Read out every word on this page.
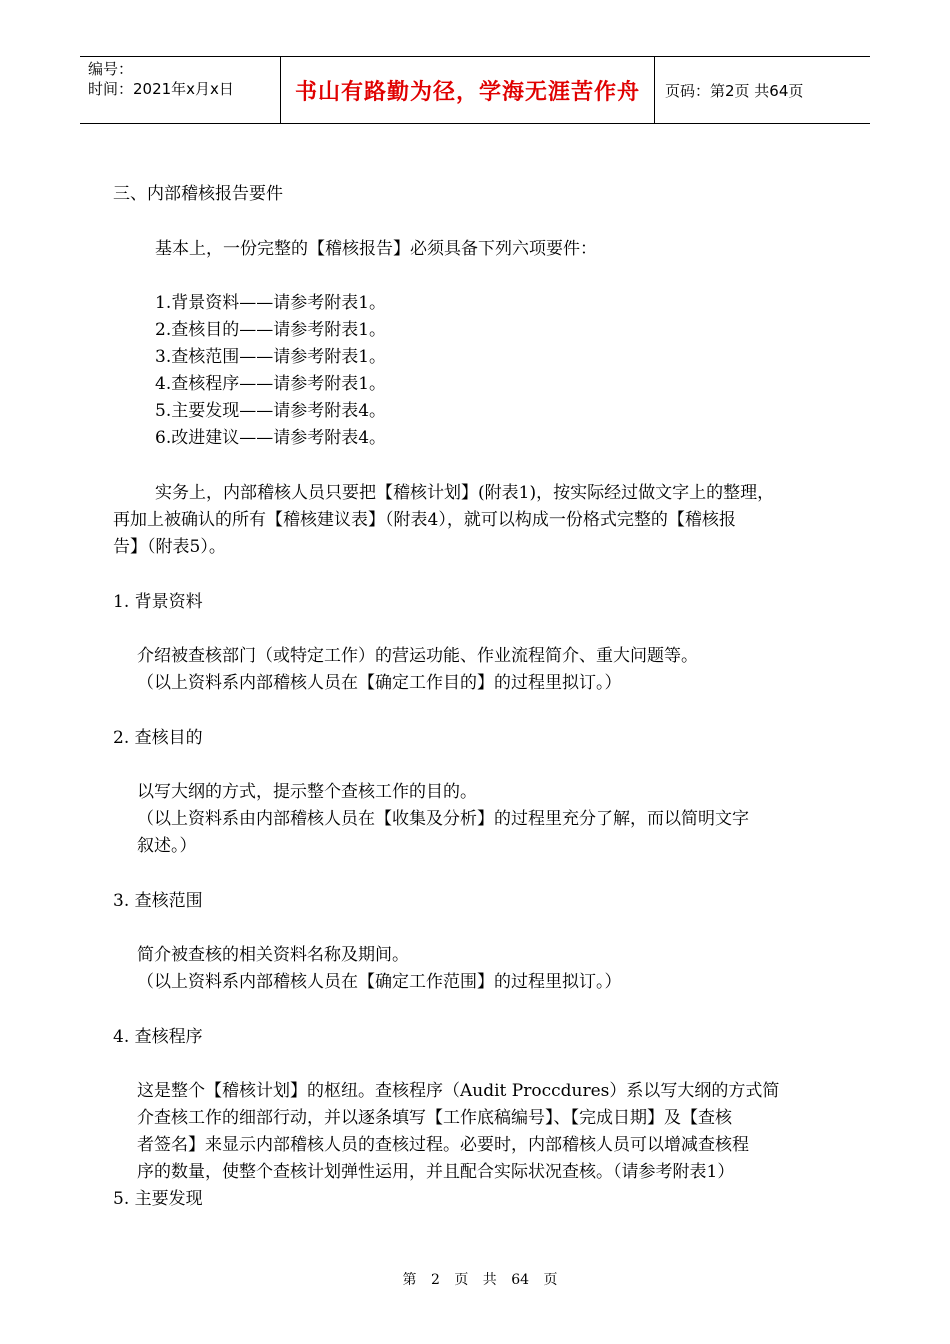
编号：
时间：2021年x月x日	书山有路勤为径，学海无涯苦作舟 页码：第2页 共64页
三、内部稽核报告要件
基本上，一份完整的【稽核报告】必须具备下列六项要件：
1.背景资料——请参考附表1。
2.查核目的——请参考附表1。
3.查核范围——请参考附表1。
4.查核程序——请参考附表1。
5.主要发现——请参考附表4。
6.改进建议——请参考附表4。
实务上，内部稽核人员只要把【稽核计划】(附表1)，按实际经过做文字上的整理，
再加上被确认的所有【稽核建议表】（附表4），就可以构成一份格式完整的【稽核报
告】（附表5）。
1. 背景资料
介绍被查核部门（或特定工作）的营运功能、作业流程简介、重大问题等。
（以上资料系内部稽核人员在【确定工作目的】的过程里拟订。）
2. 查核目的
以写大纲的方式，提示整个查核工作的目的。
（以上资料系由内部稽核人员在【收集及分析】的过程里充分了解，而以简明文字
叙述。）
3. 查核范围
简介被查核的相关资料名称及期间。
（以上资料系内部稽核人员在【确定工作范围】的过程里拟订。）
4. 查核程序
这是整个【稽核计划】的枢纽。查核程序（Audit Proccdures）系以写大纲的方式简
介查核工作的细部行动，并以逐条填写【工作底稿编号】、【完成日期】及【查核
者签名】来显示内部稽核人员的查核过程。必要时，内部稽核人员可以增减查核程
序的数量，使整个查核计划弹性运用，并且配合实际状况查核。（请参考附表1）
5. 主要发现
第 2 页 共 64 页
